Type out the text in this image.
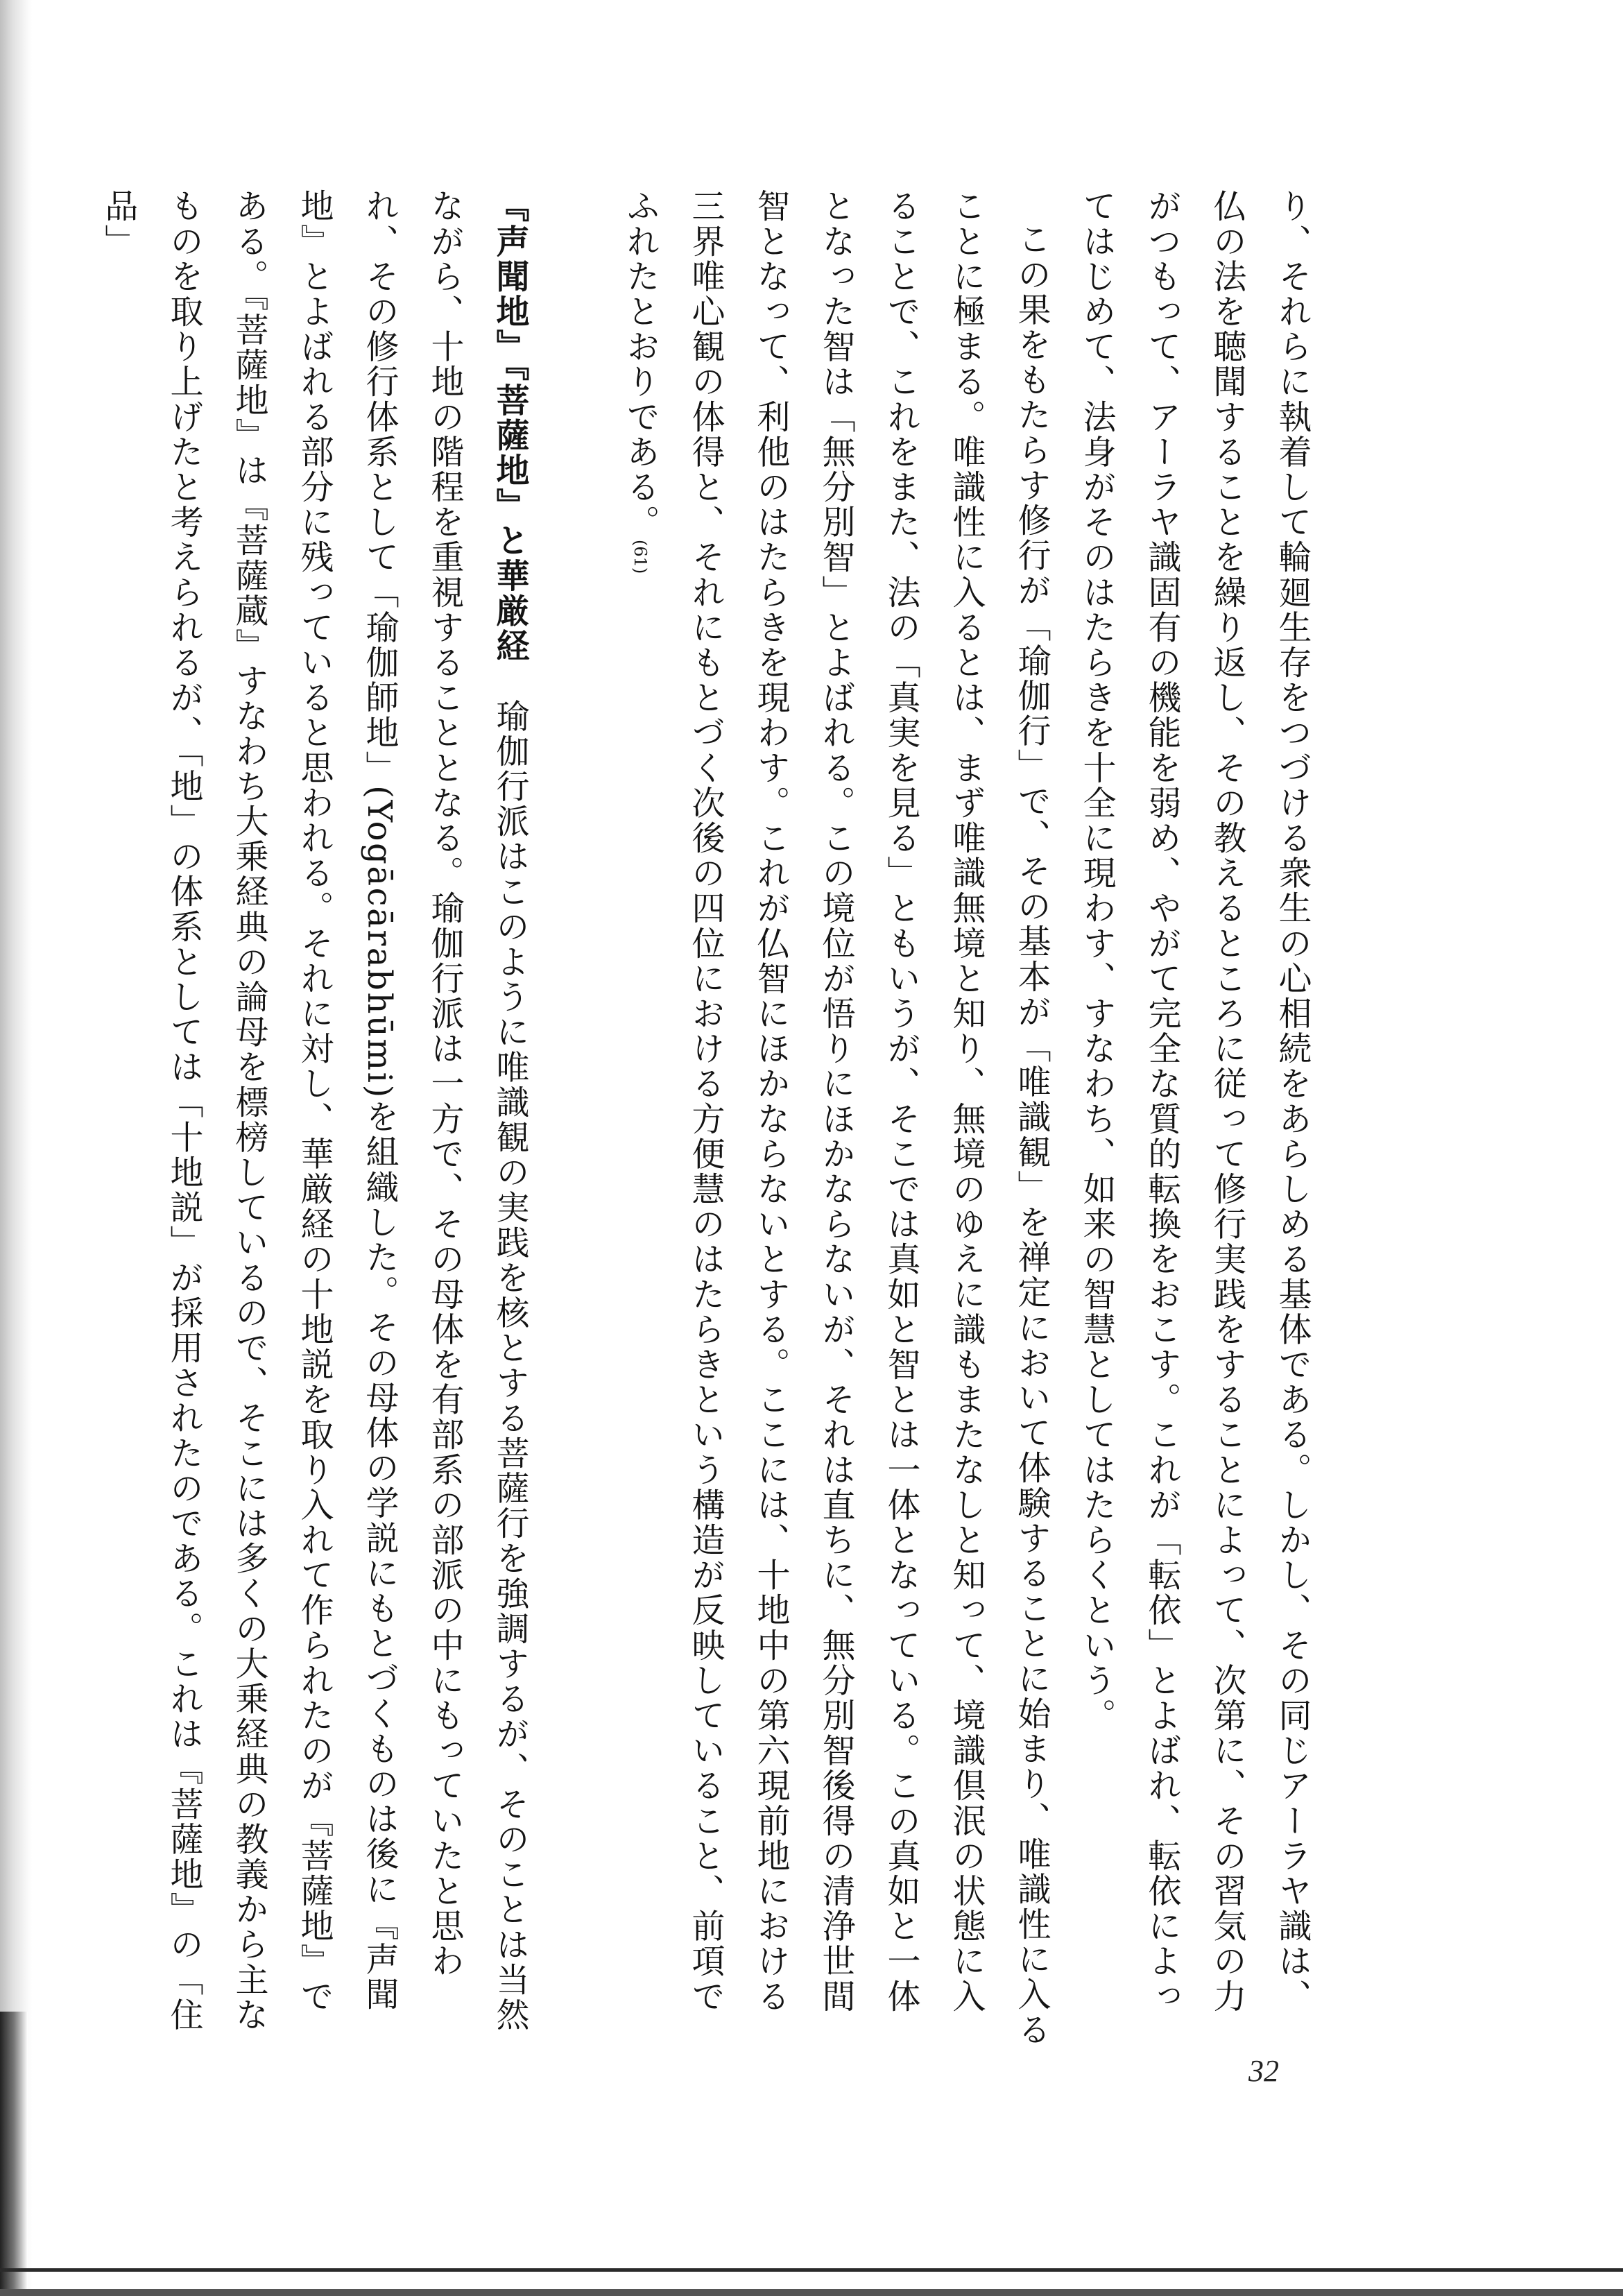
り、それらに執着して輪廻生存をつづける衆生の心相続をあらしめる基体である。しかし、その同じアーラヤ識は、仏の法を聴聞することを繰り返し、その教えるところに従って修行実践をすることによって、次第に、その習気の力がつもって、アーラヤ識固有の機能を弱め、やがて完全な質的転換をおこす。これが「転依」とよばれ、転依によってはじめて、法身がそのはたらきを十全に現わす、すなわち、如来の智慧としてはたらくという。

この果をもたらす修行が「瑜伽行」で、その基本が「唯識観」を禅定において体験することに始まり、唯識性に入ることに極まる。唯識性に入るとは、まず唯識無境と知り、無境のゆえに識もまたなしと知って、境識倶泯の状態に入ることで、これをまた、法の「真実を見る」ともいうが、そこでは真如と智とは一体となっている。この真如と一体となった智は「無分別智」とよばれる。この境位が悟りにほかならないが、それは直ちに、無分別智後得の清浄世間智となって、利他のはたらきを現わす。これが仏智にほかならないとする。ここには、十地中の第六現前地における三界唯心観の体得と、それにもとづく次後の四位における方便慧のはたらきという構造が反映していること、前項でふれたとおりである。(61)

『声聞地』『菩薩地』と華厳経　瑜伽行派はこのように唯識観の実践を核とする菩薩行を強調するが、そのことは当然ながら、十地の階程を重視することとなる。瑜伽行派は一方で、その母体を有部系の部派の中にもっていたと思われ、その修行体系として「瑜伽師地」(Yogācārabhūmi)を組織した。その母体の学説にもとづくものは後に『声聞地』とよばれる部分に残っていると思われる。それに対し、華厳経の十地説を取り入れて作られたのが『菩薩地』である。『菩薩地』は『菩薩蔵』すなわち大乗経典の論母を標榜しているので、そこには多くの大乗経典の教義から主なものを取り上げたと考えられるが、「地」の体系としては「十地説」が採用されたのである。これは『菩薩地』の「住品」

32
